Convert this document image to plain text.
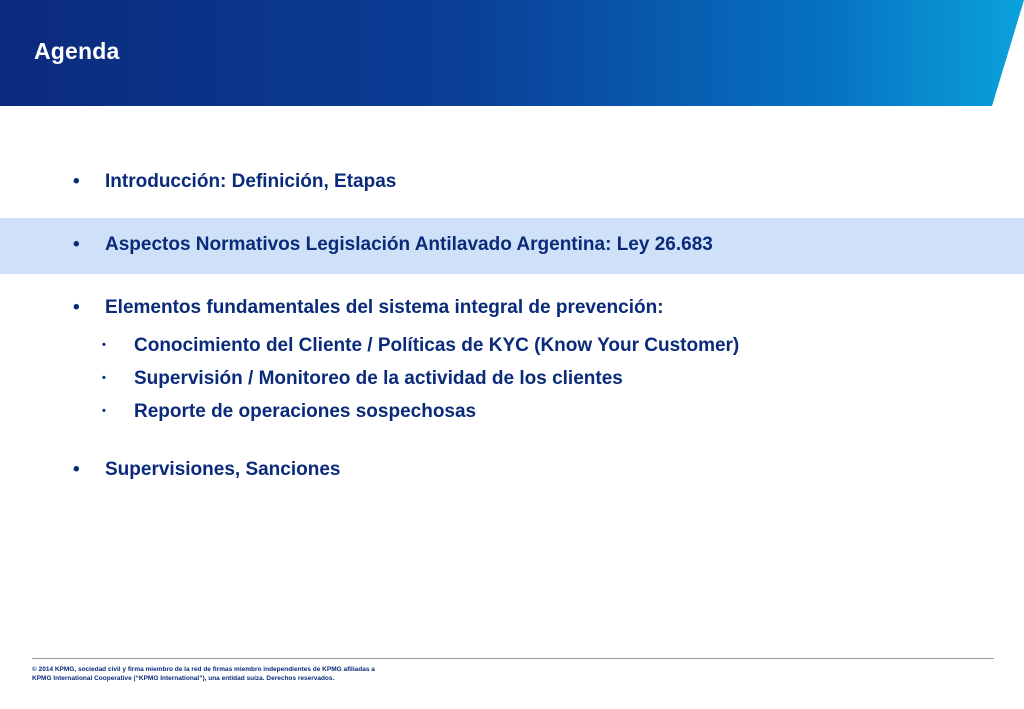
Agenda
• Introducción: Definición, Etapas
• Aspectos Normativos Legislación Antilavado Argentina: Ley 26.683
• Elementos fundamentales del sistema integral de prevención:
• Conocimiento del Cliente / Políticas de KYC (Know Your Customer)
• Supervisión / Monitoreo de la actividad de los clientes
• Reporte de operaciones sospechosas
• Supervisiones, Sanciones
© 2014 KPMG, sociedad civil y firma miembro de la red de firmas miembro independientes de KPMG afiliadas a
KPMG International Cooperative (“KPMG International”), una entidad suiza. Derechos reservados.
